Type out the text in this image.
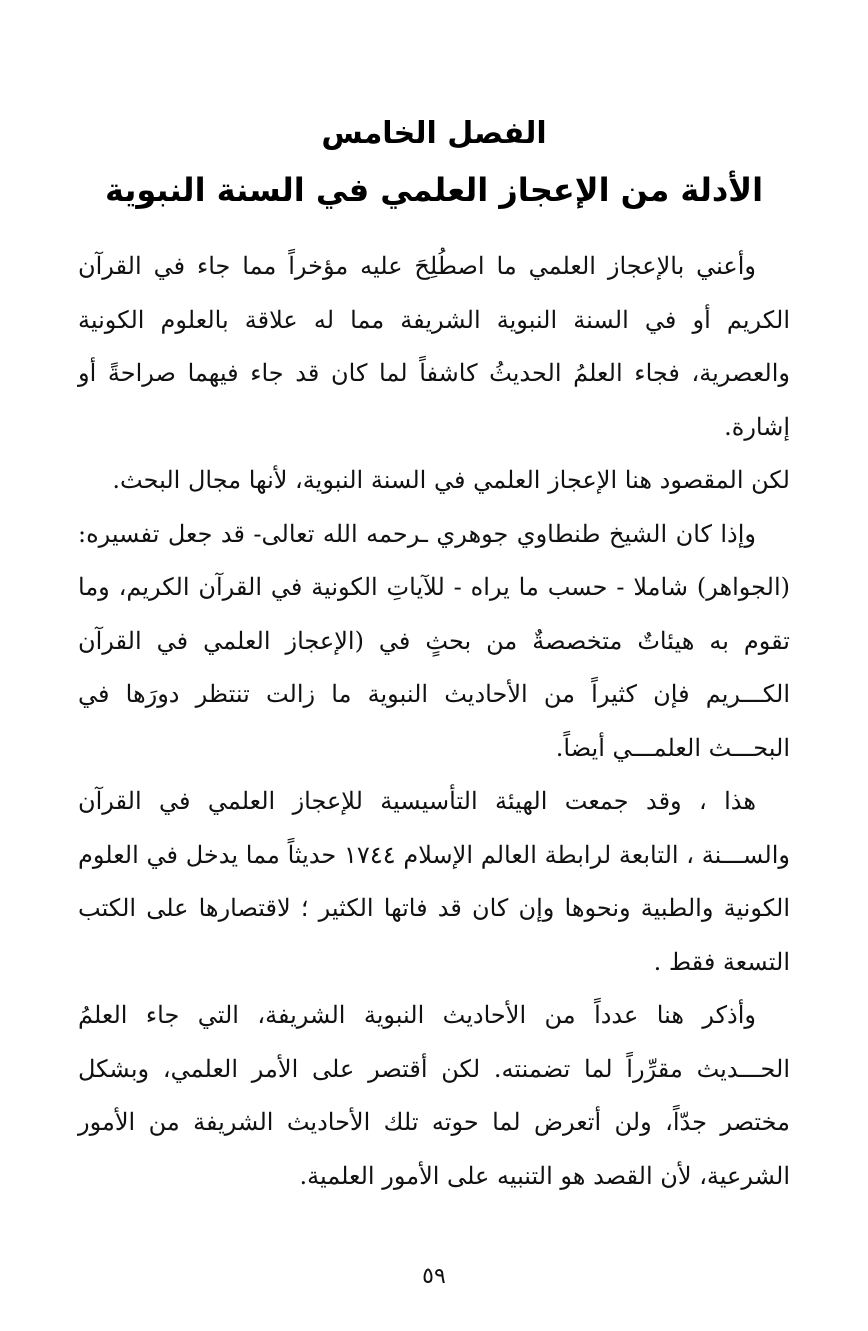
الفصل الخامس
الأدلة من الإعجاز العلمي في السنة النبوية

وأعني بالإعجاز العلمي ما اصطُلِحَ عليه مؤخراً مما جاء في القرآن الكريم أو في السنة النبوية الشريفة مما له علاقة بالعلوم الكونية والعصرية، فجاء العلمُ الحديثُ كاشفاً لما كان قد جاء فيهما صراحةً أو إشارة.

لكن المقصود هنا الإعجاز العلمي في السنة النبوية، لأنها مجال البحث.

وإذا كان الشيخ طنطاوي جوهري ـرحمه الله تعالى- قد جعل تفسيره: (الجواهر) شاملا - حسب ما يراه - للآياتِ الكونية في القرآن الكريم، وما تقوم به هيئاتٌ متخصصةٌ من بحثٍ في (الإعجاز العلمي في القرآن الكـــريم فإن كثيراً من الأحاديث النبوية ما زالت تنتظر دورَها في البحـــث العلمـــي أيضاً.

هذا ، وقد جمعت الهيئة التأسيسية للإعجاز العلمي في القرآن والســـنة ، التابعة لرابطة العالم الإسلام ١٧٤٤ حديثاً مما يدخل في العلوم الكونية والطبية ونحوها وإن كان قد فاتها الكثير ؛ لاقتصارها على الكتب التسعة فقط .

وأذكر هنا عدداً من الأحاديث النبوية الشريفة، التي جاء العلمُ الحـــديث مقرِّراً لما تضمنته. لكن أقتصر على الأمر العلمي، وبشكل مختصر جدّاً، ولن أتعرض لما حوته تلك الأحاديث الشريفة من الأمور الشرعية، لأن القصد هو التنبيه على الأمور العلمية.

٥٩
